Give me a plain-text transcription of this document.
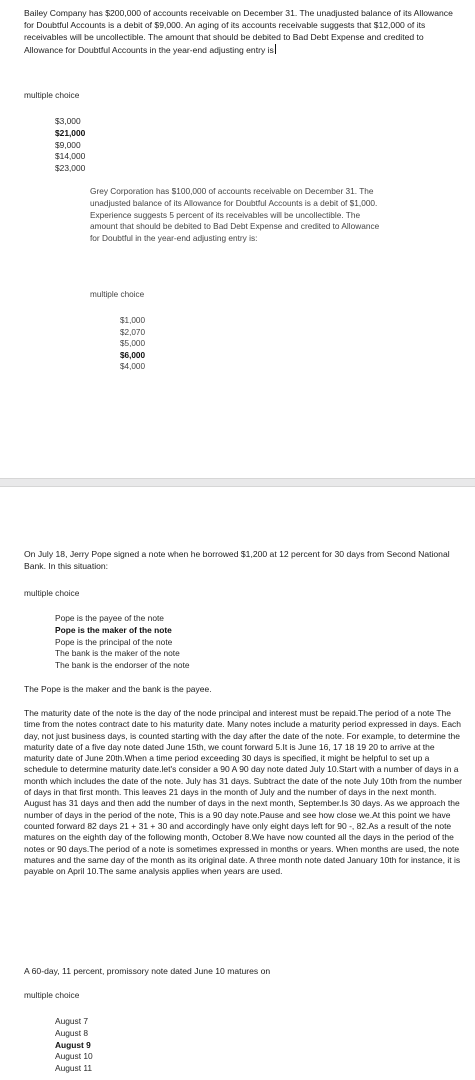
Bailey Company has $200,000 of accounts receivable on December 31. The unadjusted balance of its Allowance for Doubtful Accounts is a debit of $9,000. An aging of its accounts receivable suggests that $12,000 of its receivables will be uncollectible. The amount that should be debited to Bad Debt Expense and credited to Allowance for Doubtful Accounts in the year-end adjusting entry is

multiple choice

$3,000
$21,000
$9,000
$14,000
$23,000

Grey Corporation has $100,000 of accounts receivable on December 31. The unadjusted balance of its Allowance for Doubtful Accounts is a debit of $1,000. Experience suggests 5 percent of its receivables will be uncollectible. The amount that should be debited to Bad Debt Expense and credited to Allowance for Doubtful in the year-end adjusting entry is:

multiple choice

$1,000
$2,070
$5,000
$6,000
$4,000

On July 18, Jerry Pope signed a note when he borrowed $1,200 at 12 percent for 30 days from Second National Bank. In this situation:

multiple choice

Pope is the payee of the note
Pope is the maker of the note
Pope is the principal of the note
The bank is the maker of the note
The bank is the endorser of the note

The Pope is the maker and the bank is the payee.

The maturity date of the note is the day of the node principal and interest must be repaid.The period of a note The time from the notes contract date to his maturity date. Many notes include a maturity period expressed in days. Each day, not just business days, is counted starting with the day after the date of the note. For example, to determine the maturity date of a five day note dated June 15th, we count forward 5.It is June 16, 17 18 19 20 to arrive at the maturity date of June 20th.When a time period exceeding 30 days is specified, it might be helpful to set up a schedule to determine maturity date.let's consider a 90 A 90 day note dated July 10.Start with a number of days in a month which includes the date of the note. July has 31 days. Subtract the date of the note July 10th from the number of days in that first month. This leaves 21 days in the month of July and the number of days in the next month. August has 31 days and then add the number of days in the next month, September.Is 30 days. As we approach the number of days in the period of the note, This is a 90 day note.Pause and see how close we.At this point we have counted forward 82 days 21 + 31 + 30 and accordingly have only eight days left for 90 -, 82.As a result of the note matures on the eighth day of the following month, October 8.We have now counted all the days in the period of the notes or 90 days.The period of a note is sometimes expressed in months or years. When months are used, the note matures and the same day of the month as its original date. A three month note dated January 10th for instance, it is payable on April 10.The same analysis applies when years are used.

A 60-day, 11 percent, promissory note dated June 10 matures on

multiple choice

August 7
August 8
August 9
August 10
August 11
